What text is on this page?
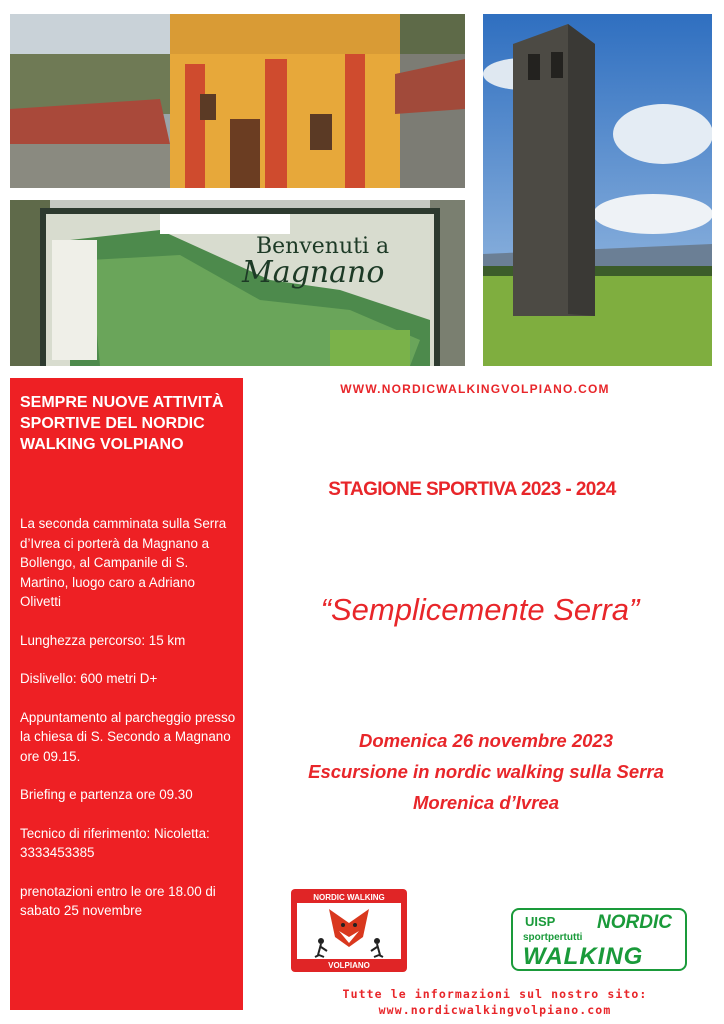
Benvenuti a
Magnano
SEMPRE NUOVE ATTIVITÀ SPORTIVE DEL NORDIC WALKING VOLPIANO

La seconda camminata sulla Serra d’Ivrea ci porterà da Magnano a Bollengo, al Campanile di S. Martino, luogo caro a Adriano Olivetti

Lunghezza percorso: 15 km

Dislivello: 600 metri D+

Appuntamento al parcheggio presso la chiesa di S. Secondo a Magnano ore 09.15.

Briefing e partenza ore 09.30

Tecnico di riferimento: Nicoletta: 3333453385

prenotazioni entro le ore 18.00 di sabato 25 novembre

WWW.NORDICWALKINGVOLPIANO.COM
STAGIONE SPORTIVA 2023 - 2024
“Semplicemente Serra”
Domenica 26 novembre 2023
Escursione in nordic walking sulla Serra
Morenica d’Ivrea
NORDIC WALKING
VOLPIANO
UISP NORDIC
sportpertutti
WALKING
Tutte le informazioni sul nostro sito:
www.nordicwalkingvolpiano.com
